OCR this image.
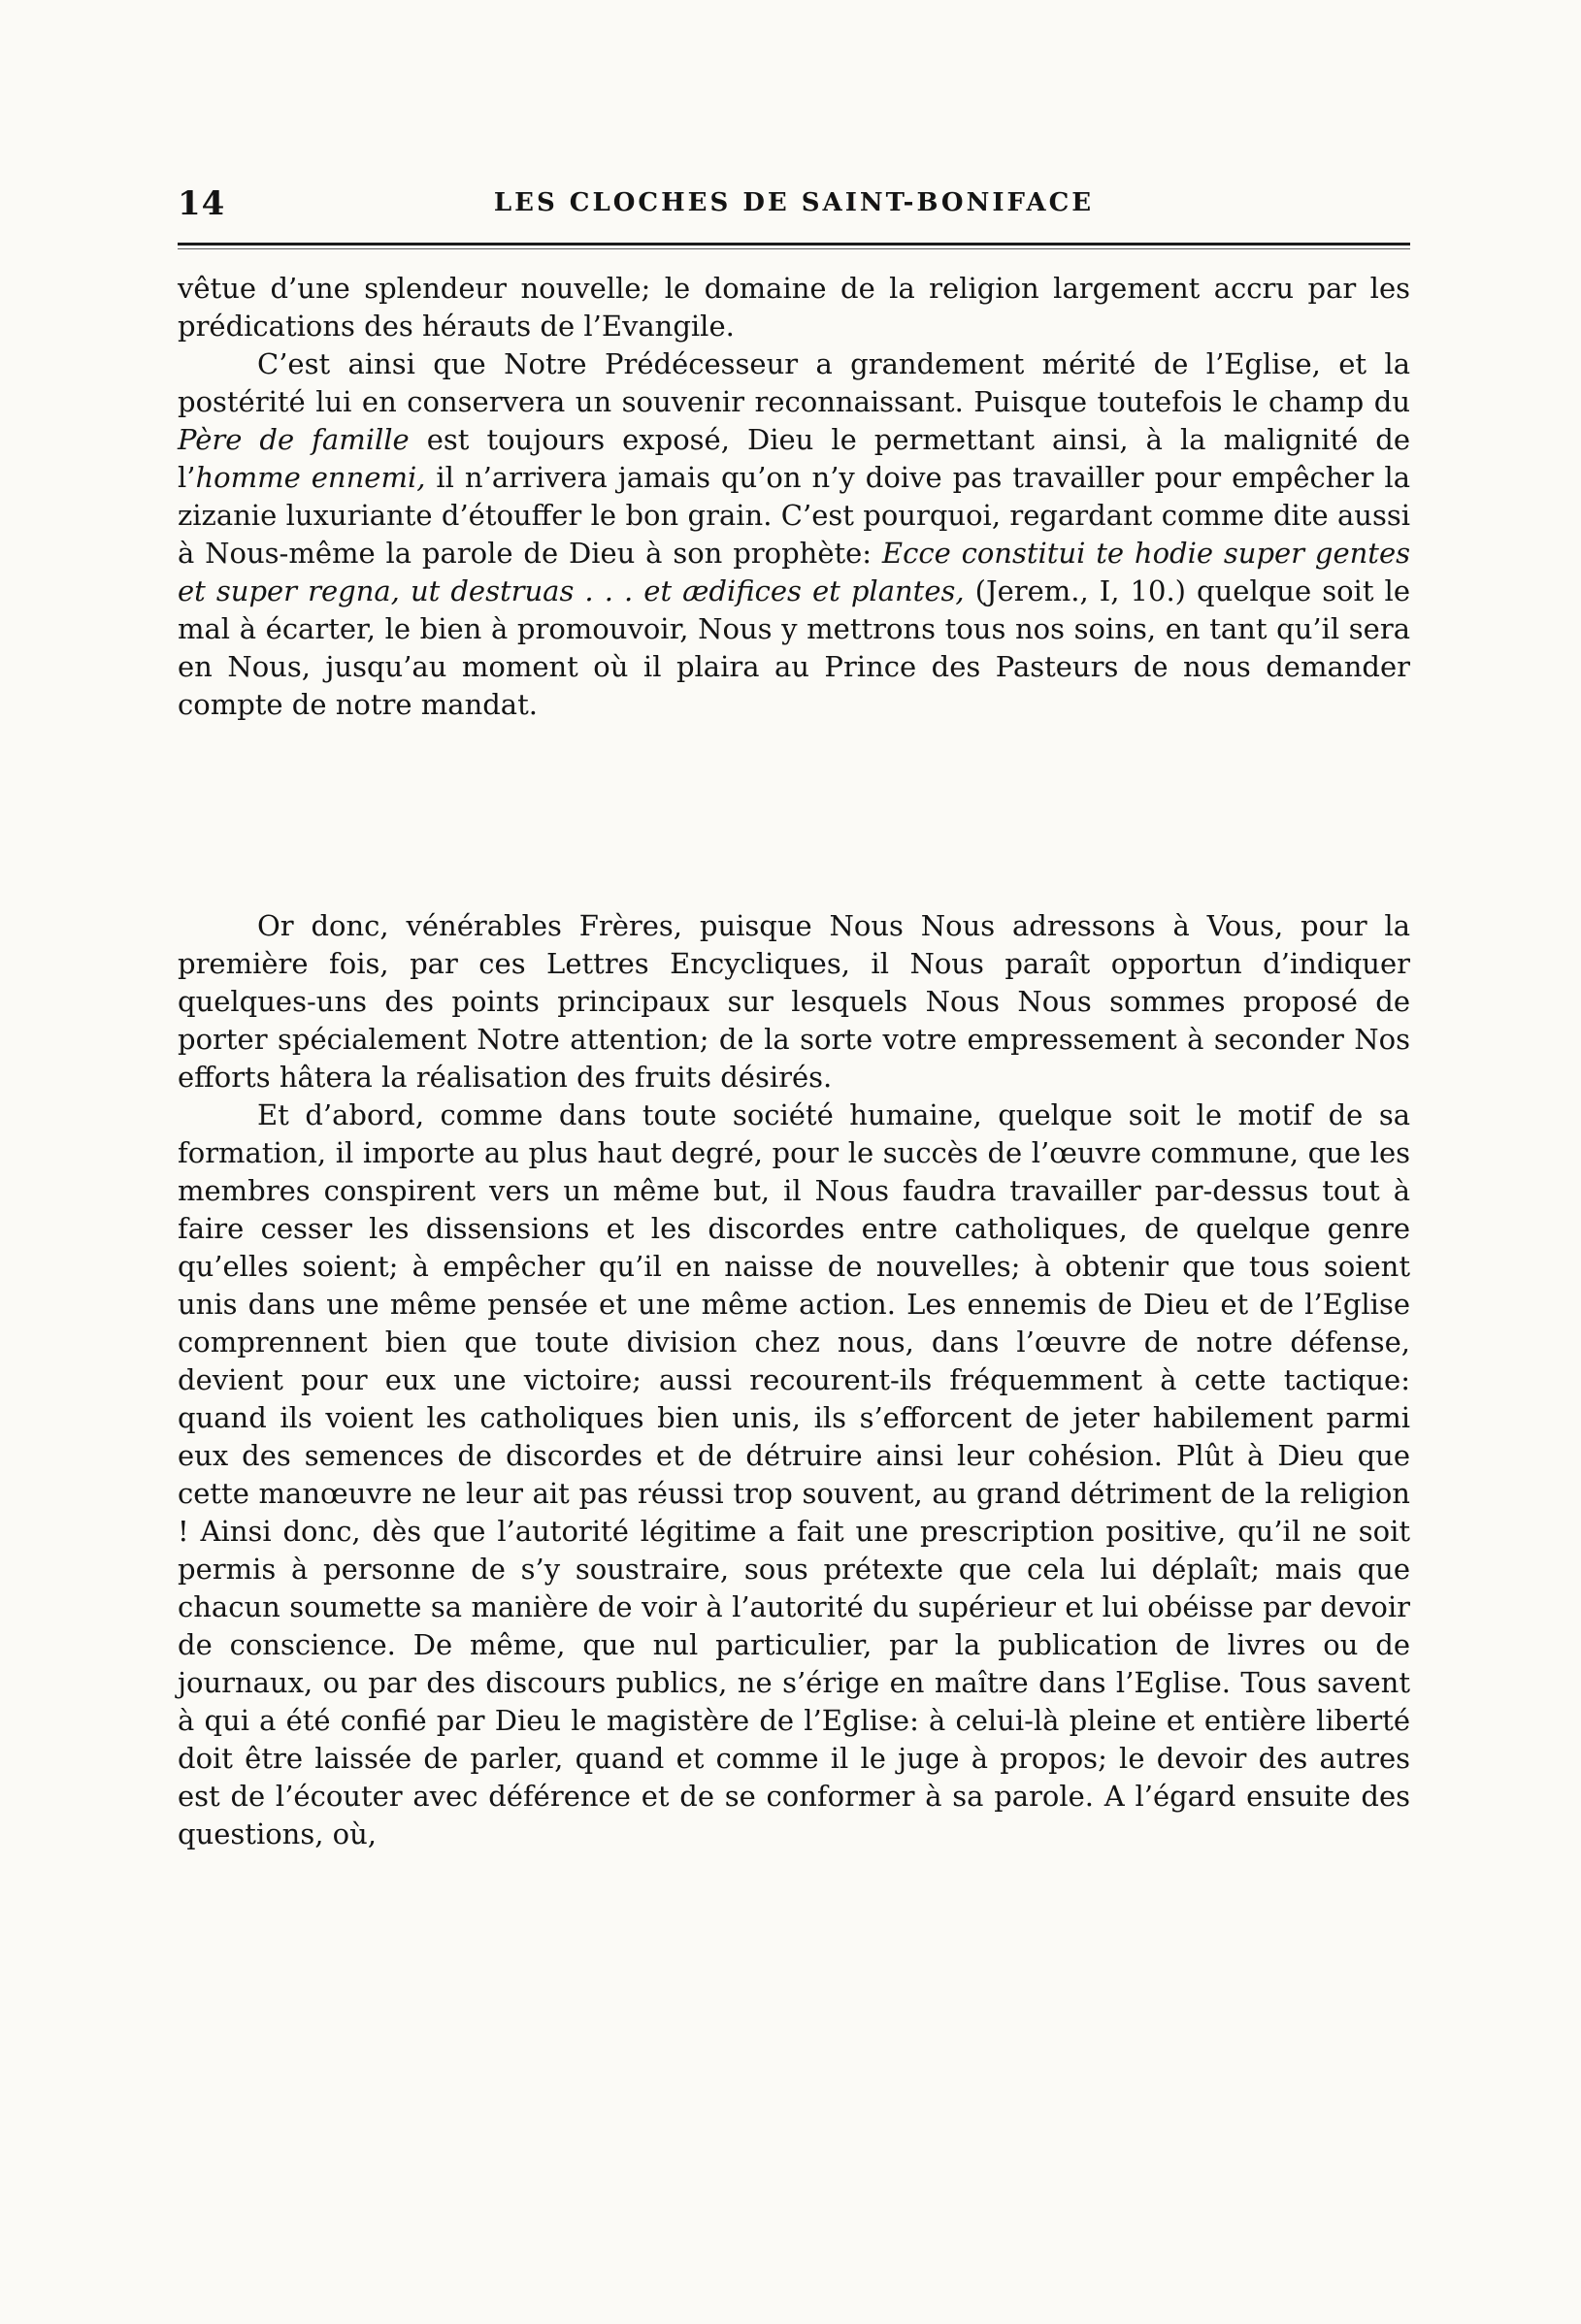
14	LES CLOCHES DE SAINT-BONIFACE

vêtue d’une splendeur nouvelle; le domaine de la religion largement accru par les prédications des hérauts de l’Evangile.

C’est ainsi que Notre Prédécesseur a grandement mérité de l’Eglise, et la postérité lui en conservera un souvenir reconnaissant. Puisque toutefois le champ du Père de famille est toujours exposé, Dieu le permettant ainsi, à la malignité de l’homme ennemi, il n’arrivera jamais qu’on n’y doive pas travailler pour empêcher la zizanie luxuriante d’étouffer le bon grain. C’est pourquoi, regardant comme dite aussi à Nous-même la parole de Dieu à son prophète: Ecce constitui te hodie super gentes et super regna, ut destruas . . . et ædifices et plantes, (Jerem., I, 10.) quelque soit le mal à écarter, le bien à promouvoir, Nous y mettrons tous nos soins, en tant qu’il sera en Nous, jusqu’au moment où il plaira au Prince des Pasteurs de nous demander compte de notre mandat.

Or donc, vénérables Frères, puisque Nous Nous adressons à Vous, pour la première fois, par ces Lettres Encycliques, il Nous paraît opportun d’indiquer quelques-uns des points principaux sur lesquels Nous Nous sommes proposé de porter spécialement Notre attention; de la sorte votre empressement à seconder Nos efforts hâtera la réalisation des fruits désirés.

Et d’abord, comme dans toute société humaine, quelque soit le motif de sa formation, il importe au plus haut degré, pour le succès de l’œuvre commune, que les membres conspirent vers un même but, il Nous faudra travailler par-dessus tout à faire cesser les dissensions et les discordes entre catholiques, de quelque genre qu’elles soient; à empêcher qu’il en naisse de nouvelles; à obtenir que tous soient unis dans une même pensée et une même action. Les ennemis de Dieu et de l’Eglise comprennent bien que toute division chez nous, dans l’œuvre de notre défense, devient pour eux une victoire; aussi recourent-ils fréquemment à cette tactique: quand ils voient les catholiques bien unis, ils s’efforcent de jeter habilement parmi eux des semences de discordes et de détruire ainsi leur cohésion. Plût à Dieu que cette manœuvre ne leur ait pas réussi trop souvent, au grand détriment de la religion ! Ainsi donc, dès que l’autorité légitime a fait une prescription positive, qu’il ne soit permis à personne de s’y soustraire, sous prétexte que cela lui déplaît; mais que chacun soumette sa manière de voir à l’autorité du supérieur et lui obéisse par devoir de conscience. De même, que nul particulier, par la publication de livres ou de journaux, ou par des discours publics, ne s’érige en maître dans l’Eglise. Tous savent à qui a été confié par Dieu le magistère de l’Eglise: à celui-là pleine et entière liberté doit être laissée de parler, quand et comme il le juge à propos; le devoir des autres est de l’écouter avec déférence et de se conformer à sa parole. A l’égard ensuite des questions, où,
